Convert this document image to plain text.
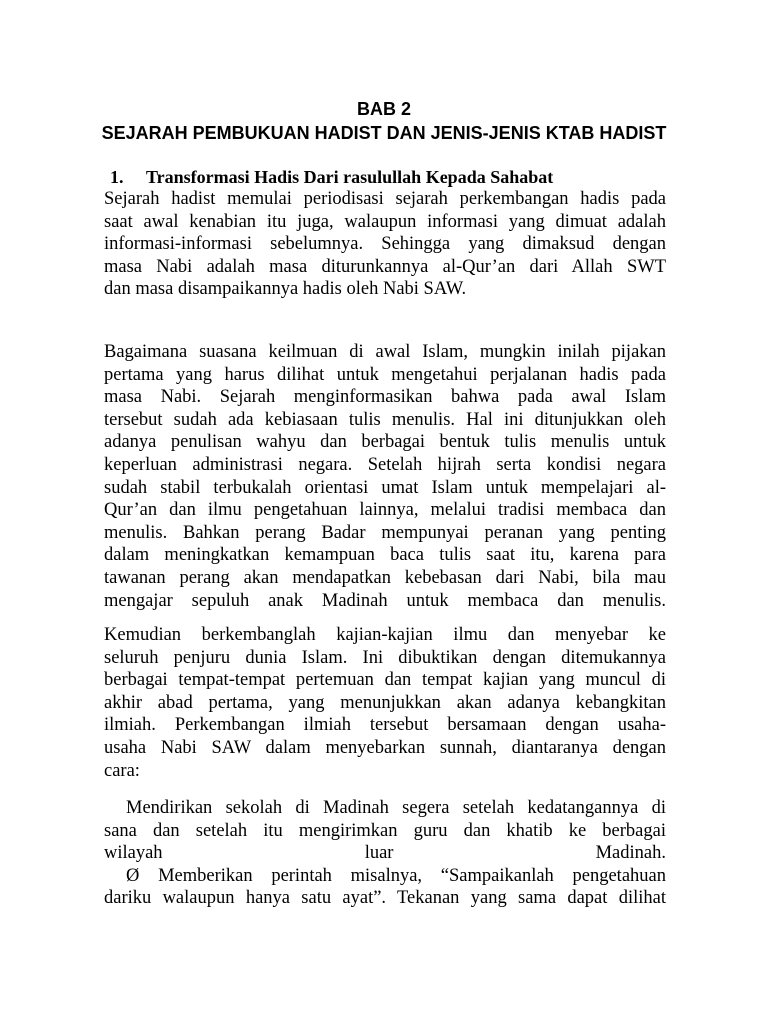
BAB 2
SEJARAH PEMBUKUAN HADIST DAN JENIS-JENIS KTAB HADIST
1. Transformasi Hadis Dari rasulullah Kepada Sahabat
Sejarah hadist memulai periodisasi sejarah perkembangan hadis pada
saat awal kenabian itu juga, walaupun informasi yang dimuat adalah
informasi-informasi sebelumnya. Sehingga yang dimaksud dengan
masa Nabi adalah masa diturunkannya al-Qur’an dari Allah SWT
dan masa disampaikannya hadis oleh Nabi SAW.
Bagaimana suasana keilmuan di awal Islam, mungkin inilah pijakan
pertama yang harus dilihat untuk mengetahui perjalanan hadis pada
masa Nabi. Sejarah menginformasikan bahwa pada awal Islam
tersebut sudah ada kebiasaan tulis menulis. Hal ini ditunjukkan oleh
adanya penulisan wahyu dan berbagai bentuk tulis menulis untuk
keperluan administrasi negara. Setelah hijrah serta kondisi negara
sudah stabil terbukalah orientasi umat Islam untuk mempelajari al-
Qur’an dan ilmu pengetahuan lainnya, melalui tradisi membaca dan
menulis. Bahkan perang Badar mempunyai peranan yang penting
dalam meningkatkan kemampuan baca tulis saat itu, karena para
tawanan perang akan mendapatkan kebebasan dari Nabi, bila mau
mengajar sepuluh anak Madinah untuk membaca dan menulis.
Kemudian berkembanglah kajian-kajian ilmu dan menyebar ke
seluruh penjuru dunia Islam. Ini dibuktikan dengan ditemukannya
berbagai tempat-tempat pertemuan dan tempat kajian yang muncul di
akhir abad pertama, yang menunjukkan akan adanya kebangkitan
ilmiah. Perkembangan ilmiah tersebut bersamaan dengan usaha-
usaha Nabi SAW dalam menyebarkan sunnah, diantaranya dengan
cara:
Mendirikan sekolah di Madinah segera setelah kedatangannya di
sana dan setelah itu mengirimkan guru dan khatib ke berbagai
wilayah luar Madinah.
Ø Memberikan perintah misalnya, “Sampaikanlah pengetahuan
dariku walaupun hanya satu ayat”. Tekanan yang sama dapat dilihat
